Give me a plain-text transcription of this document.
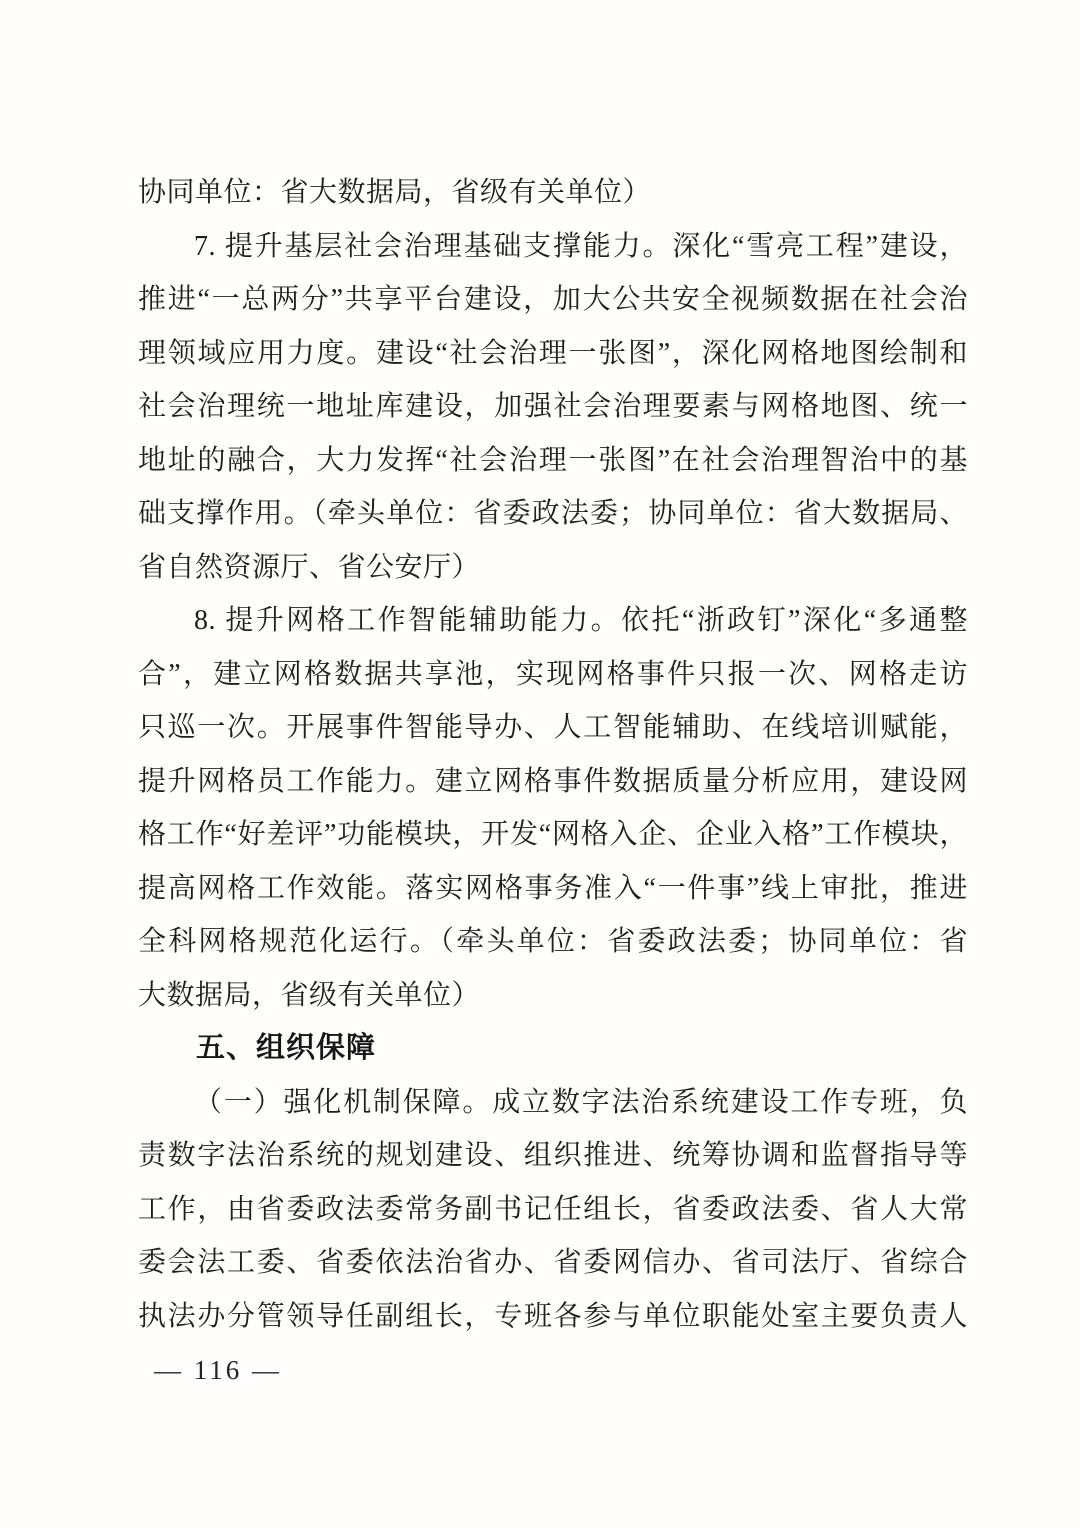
协同单位：省大数据局，省级有关单位）
7. 提升基层社会治理基础支撑能力。深化“雪亮工程”建设，
推进“一总两分”共享平台建设，加大公共安全视频数据在社会治
理领域应用力度。建设“社会治理一张图”，深化网格地图绘制和
社会治理统一地址库建设，加强社会治理要素与网格地图、统一
地址的融合，大力发挥“社会治理一张图”在社会治理智治中的基
础支撑作用。（牵头单位：省委政法委；协同单位：省大数据局、
省自然资源厅、省公安厅）
8. 提升网格工作智能辅助能力。依托“浙政钉”深化“多通整
合”，建立网格数据共享池，实现网格事件只报一次、网格走访
只巡一次。开展事件智能导办、人工智能辅助、在线培训赋能，
提升网格员工作能力。建立网格事件数据质量分析应用，建设网
格工作“好差评”功能模块，开发“网格入企、企业入格”工作模块，
提高网格工作效能。落实网格事务准入“一件事”线上审批，推进
全科网格规范化运行。（牵头单位：省委政法委；协同单位：省
大数据局，省级有关单位）
五、组织保障
（一）强化机制保障。成立数字法治系统建设工作专班，负
责数字法治系统的规划建设、组织推进、统筹协调和监督指导等
工作，由省委政法委常务副书记任组长，省委政法委、省人大常
委会法工委、省委依法治省办、省委网信办、省司法厅、省综合
执法办分管领导任副组长，专班各参与单位职能处室主要负责人
— 116 —
